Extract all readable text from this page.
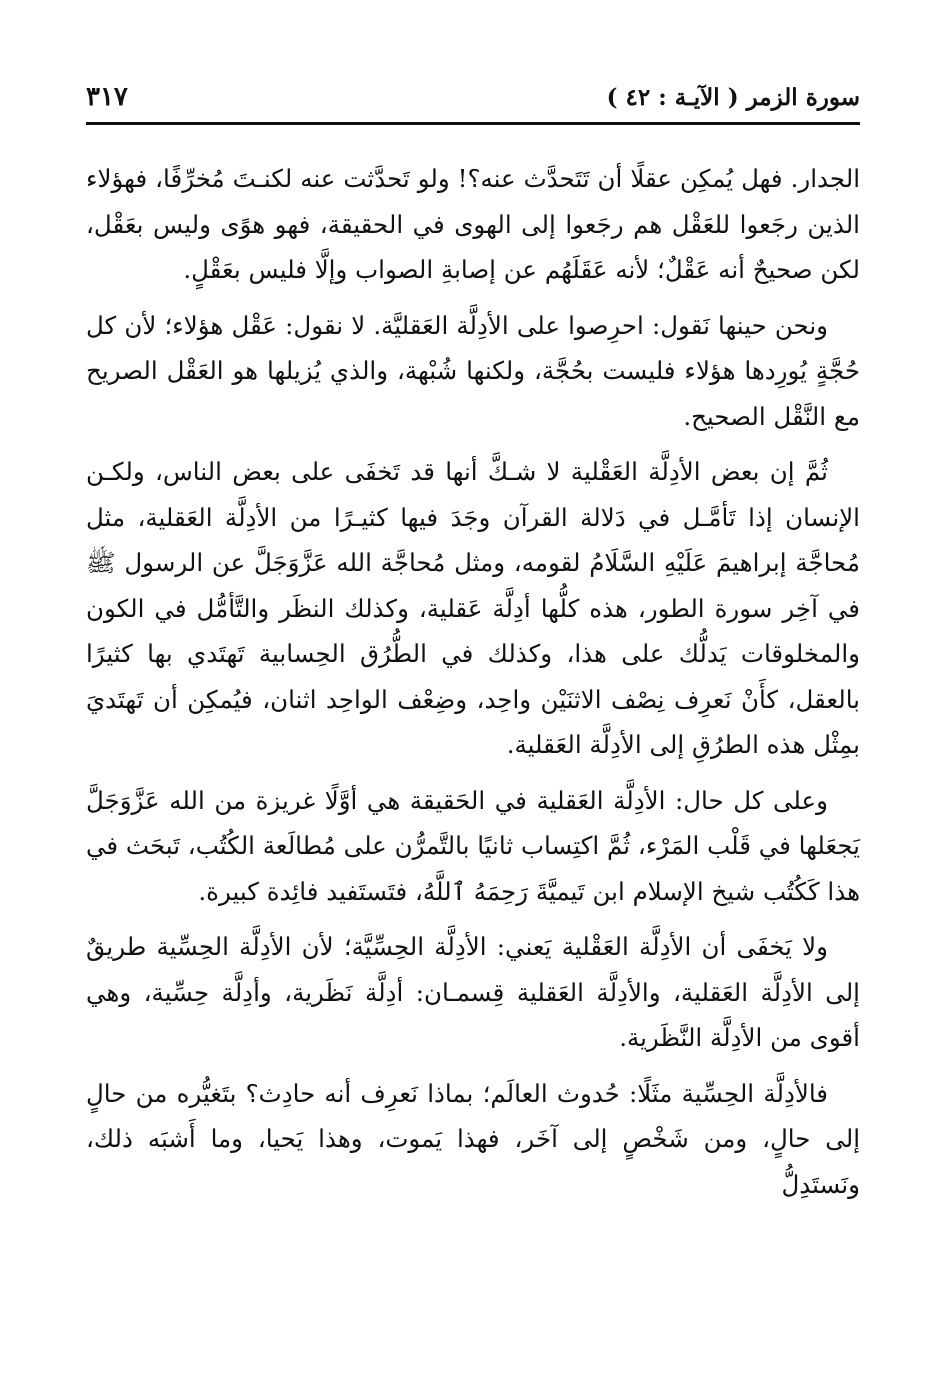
سورة الزمر ( الآيـة : ٤٢ )
٣١٧

الجدار. فهل يُمكِن عقلًا أن تَتَحدَّث عنه؟! ولو تَحدَّثت عنه لكنـتَ مُخرِّفًا، فهؤلاء الذين رجَعوا للعَقْل هم رجَعوا إلى الهوى في الحقيقة، فهو هوًى وليس بعَقْل، لكن صحيحٌ أنه عَقْلٌ؛ لأنه عَقَلَهُم عن إصابةِ الصواب وإلَّا فليس بعَقْلٍ.

ونحن حينها نَقول: احرِصوا على الأدِلَّة العَقليَّة. لا نقول: عَقْل هؤلاء؛ لأن كل حُجَّةٍ يُورِدها هؤلاء فليست بحُجَّة، ولكنها شُبْهة، والذي يُزيلها هو العَقْل الصريح مع النَّقْل الصحيح.

ثُمَّ إن بعض الأدِلَّة العَقْلية لا شـكَّ أنها قد تَخفَى على بعض الناس، ولكـن الإنسان إذا تَأمَّـل في دَلالة القرآن وجَدَ فيها كثيـرًا من الأدِلَّة العَقلية، مثل مُحاجَّة إبراهيمَ عَلَيْهِ السَّلَامُ لقومه، ومثل مُحاجَّة الله عَزَّوَجَلَّ عن الرسول ﷺ في آخِر سورة الطور، هذه كلُّها أدِلَّة عَقلية، وكذلك النظَر والتَّأمُّل في الكون والمخلوقات يَدلُّك على هذا، وكذلك في الطُّرُق الحِسابية تَهتَدي بها كثيرًا بالعقل، كأَنْ نَعرِف نِصْف الاثنَيْن واحِد، وضِعْف الواحِد اثنان، فيُمكِن أن تَهتَديَ بمِثْل هذه الطرُقِ إلى الأدِلَّة العَقلية.

وعلى كل حال: الأدِلَّة العَقلية في الحَقيقة هي أوَّلًا غريزة من الله عَزَّوَجَلَّ يَجعَلها في قَلْب المَرْء، ثُمَّ اكتِساب ثانيًا بالتَّمرُّن على مُطالَعة الكُتُب، تَبحَث في هذا كَكُتُب شيخ الإسلام ابن تَيميَّةَ رَحِمَهُ ٱللَّهُ، فتَستَفيد فائِدة كبيرة.

ولا يَخفَى أن الأدِلَّة العَقْلية يَعني: الأدِلَّة الحِسِّيَّة؛ لأن الأدِلَّة الحِسِّية طريقٌ إلى الأدِلَّة العَقلية، والأدِلَّة العَقلية قِسمـان: أدِلَّة نَظَرية، وأدِلَّة حِسِّية، وهي أقوى من الأدِلَّة النَّظَرية.

فالأدِلَّة الحِسِّية مثَلًا: حُدوث العالَم؛ بماذا نَعرِف أنه حادِث؟ بتَغيُّره من حالٍ إلى حالٍ، ومن شَخْصٍ إلى آخَر، فهذا يَموت، وهذا يَحيا، وما أَشبَه ذلك، ونَستَدِلُّ
